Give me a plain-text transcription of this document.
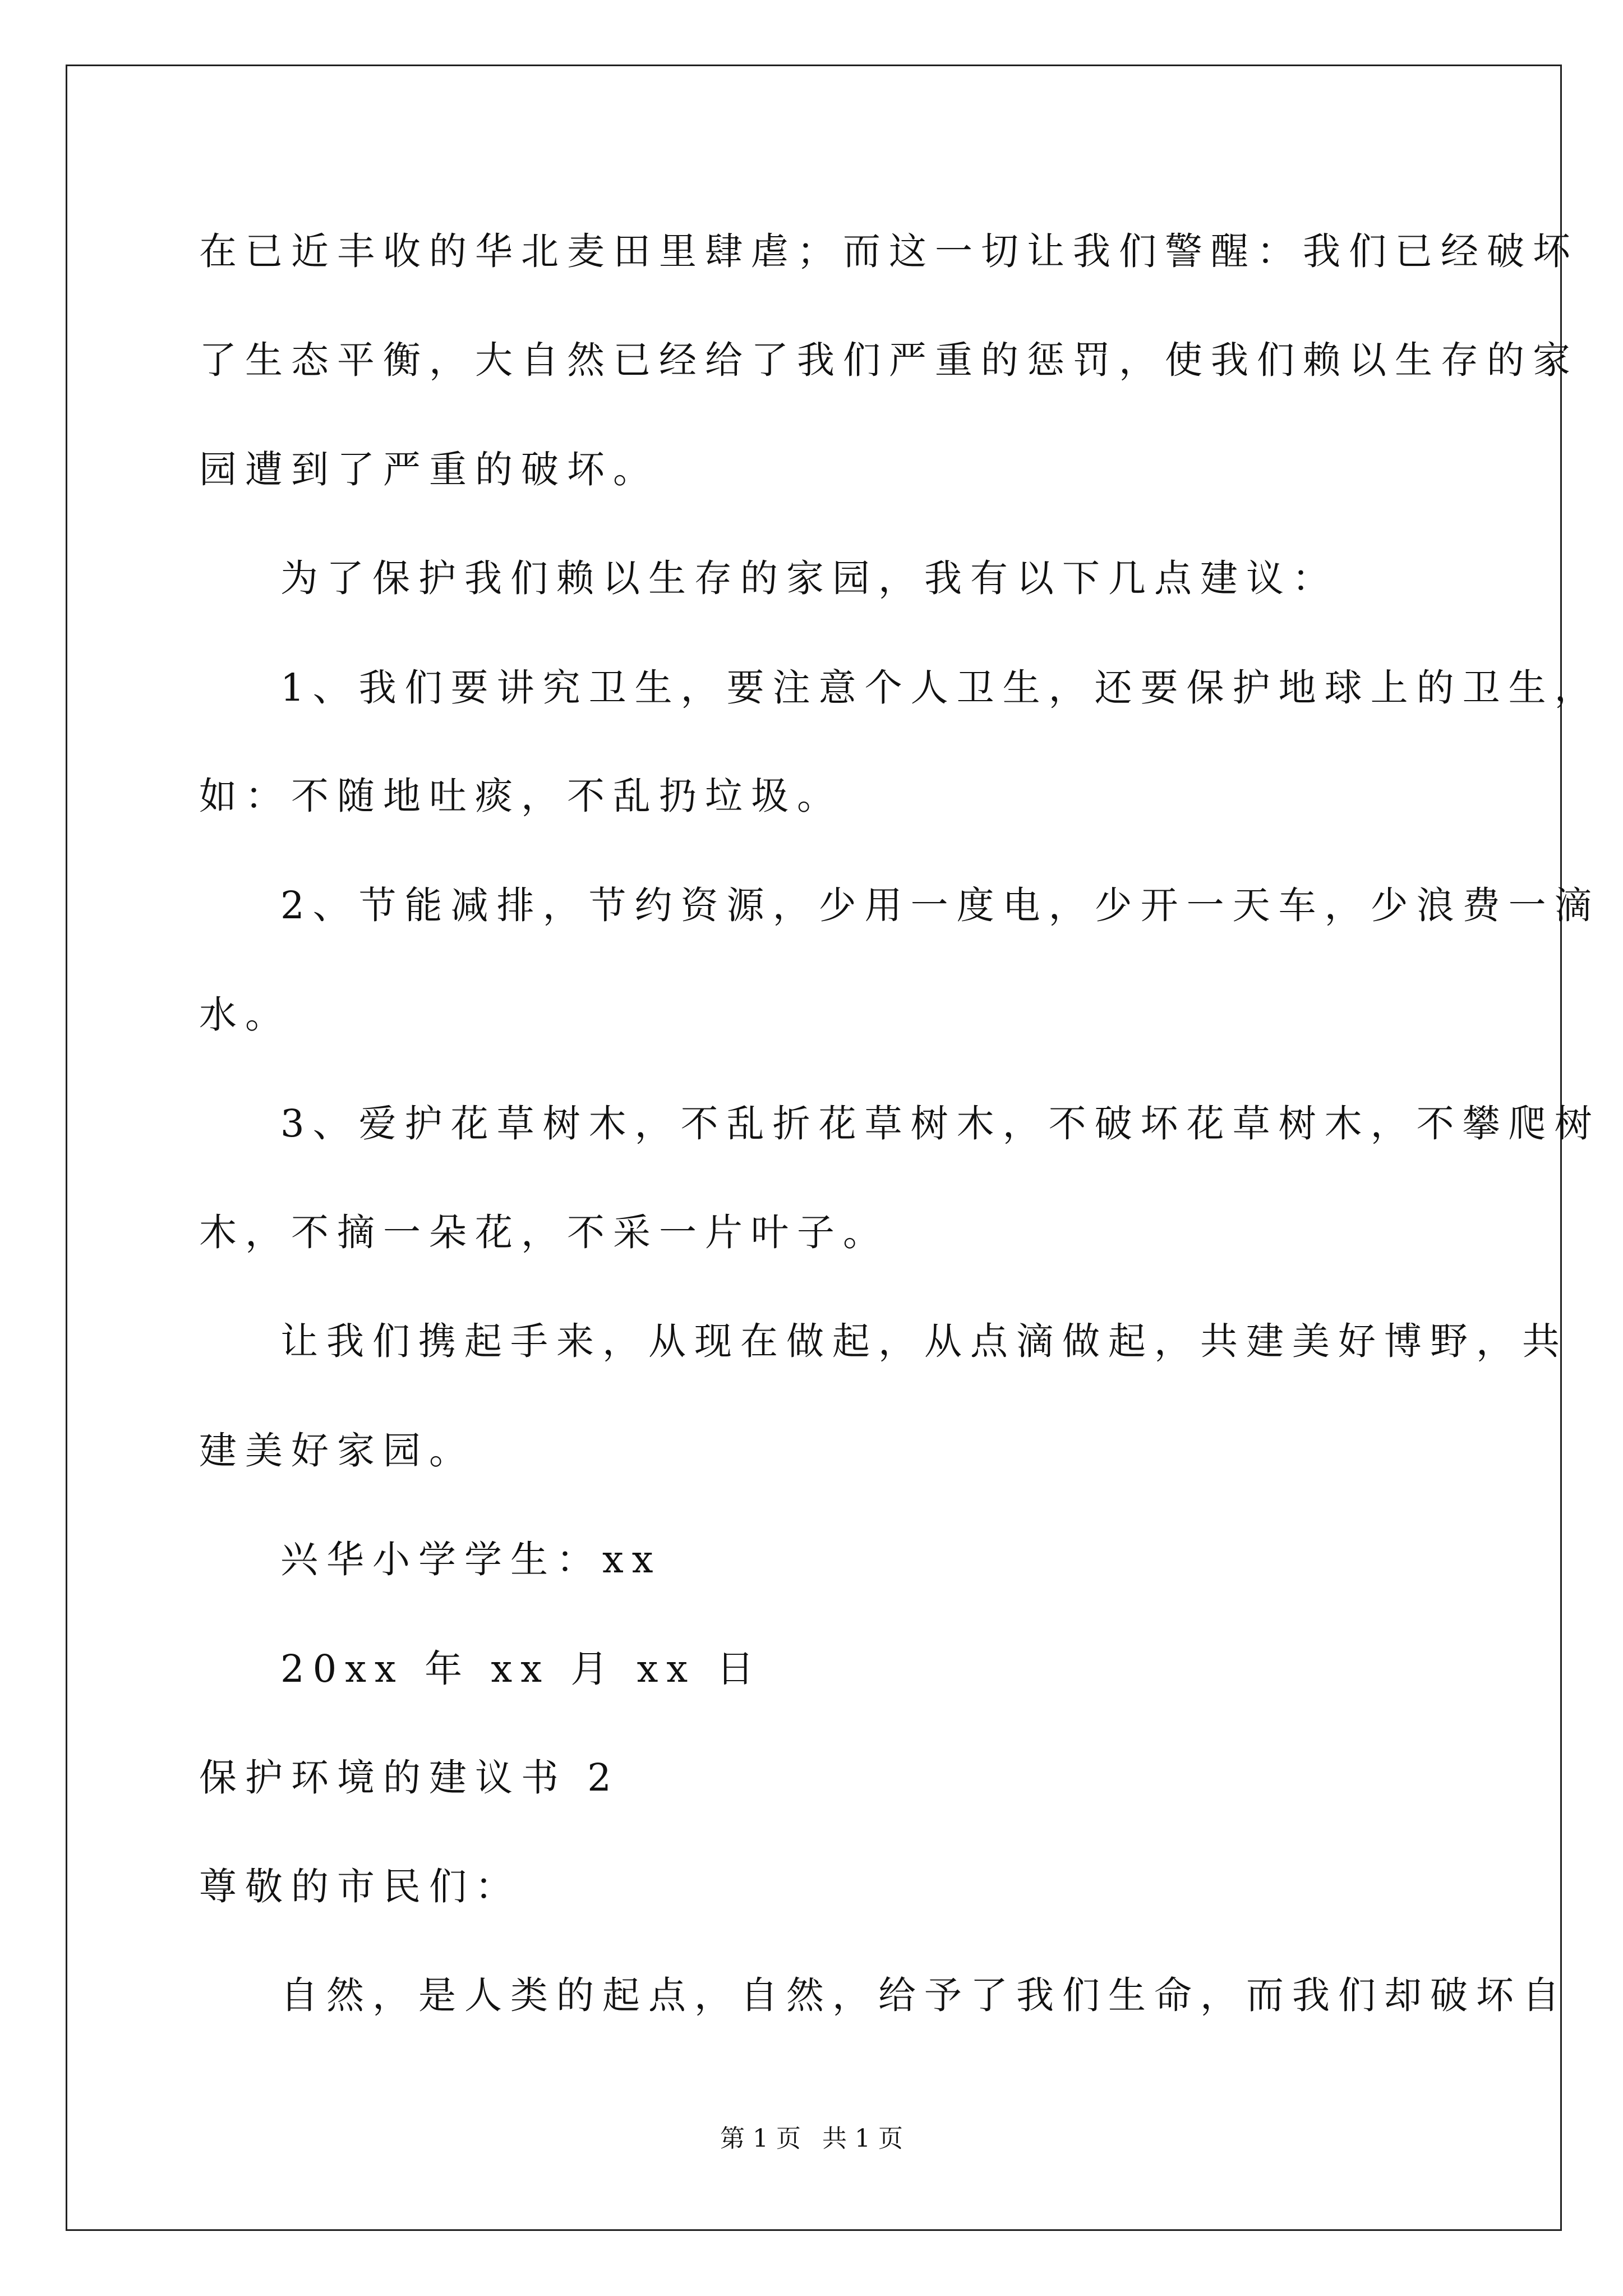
在已近丰收的华北麦田里肆虐；而这一切让我们警醒：我们已经破坏
了生态平衡，大自然已经给了我们严重的惩罚，使我们赖以生存的家
园遭到了严重的破坏。
为了保护我们赖以生存的家园，我有以下几点建议：
1、我们要讲究卫生，要注意个人卫生，还要保护地球上的卫生，
如：不随地吐痰，不乱扔垃圾。
2、节能减排，节约资源，少用一度电，少开一天车，少浪费一滴
水。
3、爱护花草树木，不乱折花草树木，不破坏花草树木，不攀爬树
木，不摘一朵花，不采一片叶子。
让我们携起手来，从现在做起，从点滴做起，共建美好博野，共
建美好家园。
兴华小学学生：xx
20xx 年 xx 月 xx 日
保护环境的建议书 2
尊敬的市民们：
自然，是人类的起点，自然，给予了我们生命，而我们却破坏自
第 1 页 共 1 页
